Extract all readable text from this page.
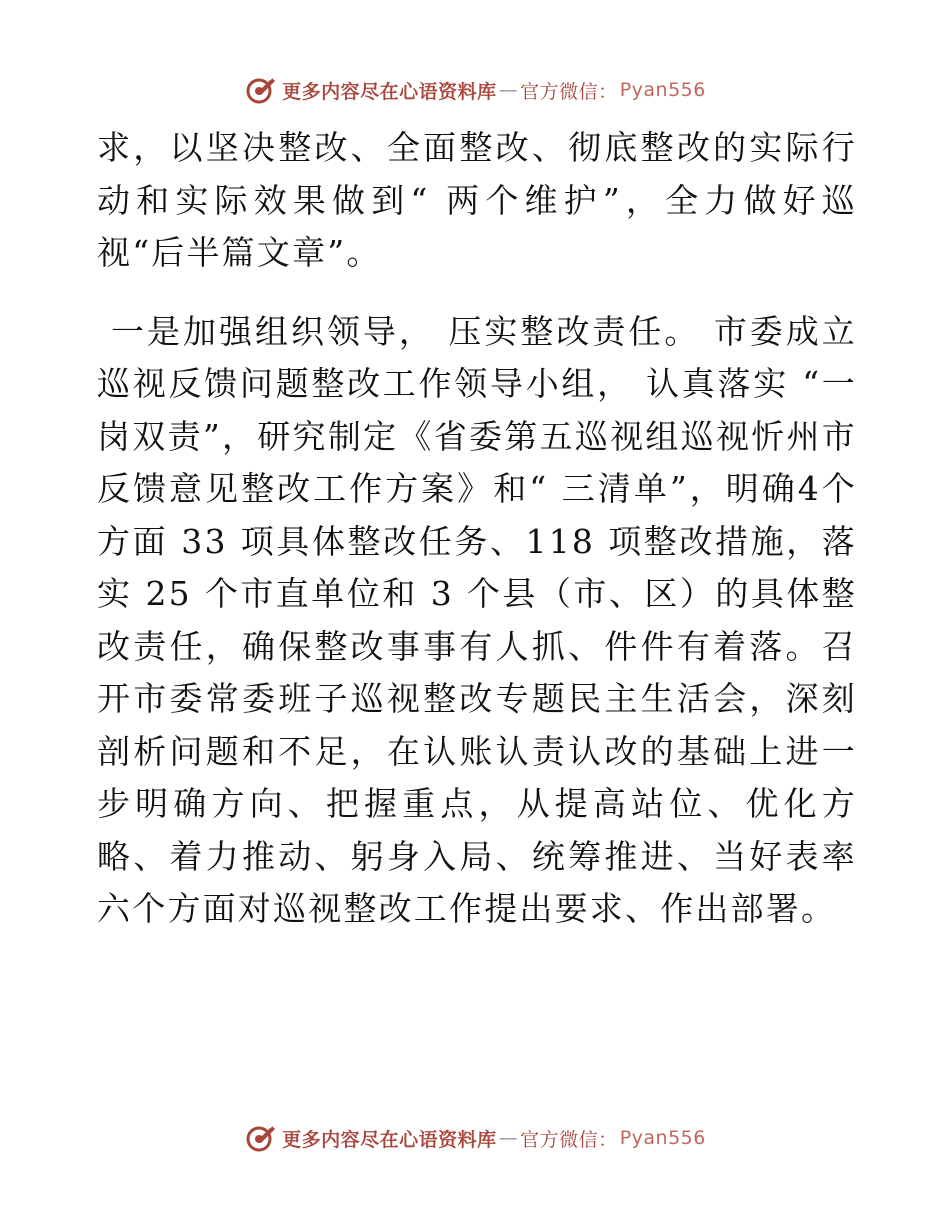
更多内容尽在心语资料库 — 官方微信： Pyan556

求，以坚决整改、全面整改、彻底整改的实际行动和实际效果做到“ 两个维护”，全力做好巡视“后半篇文章”。

一是加强组织领导， 压实整改责任。 市委成立巡视反馈问题整改工作领导小组， 认真落实 “一岗双责”，研究制定《省委第五巡视组巡视忻州市反馈意见整改工作方案》和“ 三清单”，明确4个方面 33 项具体整改任务、118 项整改措施，落实 25 个市直单位和 3 个县（市、区）的具体整改责任，确保整改事事有人抓、件件有着落。召开市委常委班子巡视整改专题民主生活会，深刻剖析问题和不足，在认账认责认改的基础上进一步明确方向、把握重点，从提高站位、优化方略、着力推动、躬身入局、统筹推进、当好表率六个方面对巡视整改工作提出要求、作出部署。

更多内容尽在心语资料库 — 官方微信： Pyan556
